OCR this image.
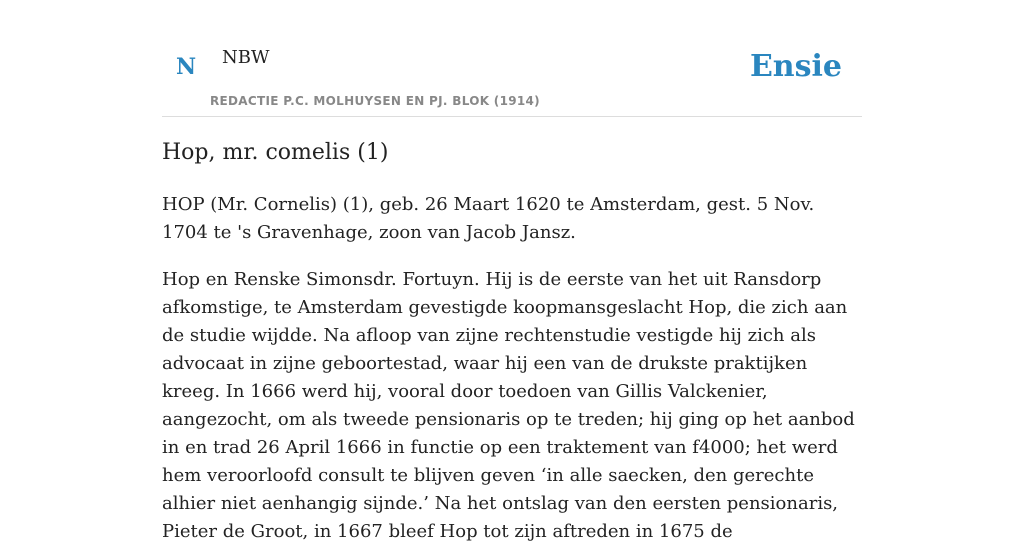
N NBW
REDACTIE P.C. MOLHUYSEN EN PJ. BLOK (1914)
Ensie
Hop, mr. comelis (1)

HOP (Mr. Cornelis) (1), geb. 26 Maart 1620 te Amsterdam, gest. 5 Nov. 1704 te 's Gravenhage, zoon van Jacob Jansz.

Hop en Renske Simonsdr. Fortuyn. Hij is de eerste van het uit Ransdorp afkomstige, te Amsterdam gevestigde koopmansgeslacht Hop, die zich aan de studie wijdde. Na afloop van zijne rechtenstudie vestigde hij zich als advocaat in zijne geboortestad, waar hij een van de drukste praktijken kreeg. In 1666 werd hij, vooral door toedoen van Gillis Valckenier, aangezocht, om als tweede pensionaris op te treden; hij ging op het aanbod in en trad 26 April 1666 in functie op een traktement van f4000; het werd hem veroorloofd consult te blijven geven ‘in alle saecken, den gerechte alhier niet aenhangig sijnde.’ Na het ontslag van den eersten pensionaris, Pieter de Groot, in 1667 bleef Hop tot zijn aftreden in 1675 de
